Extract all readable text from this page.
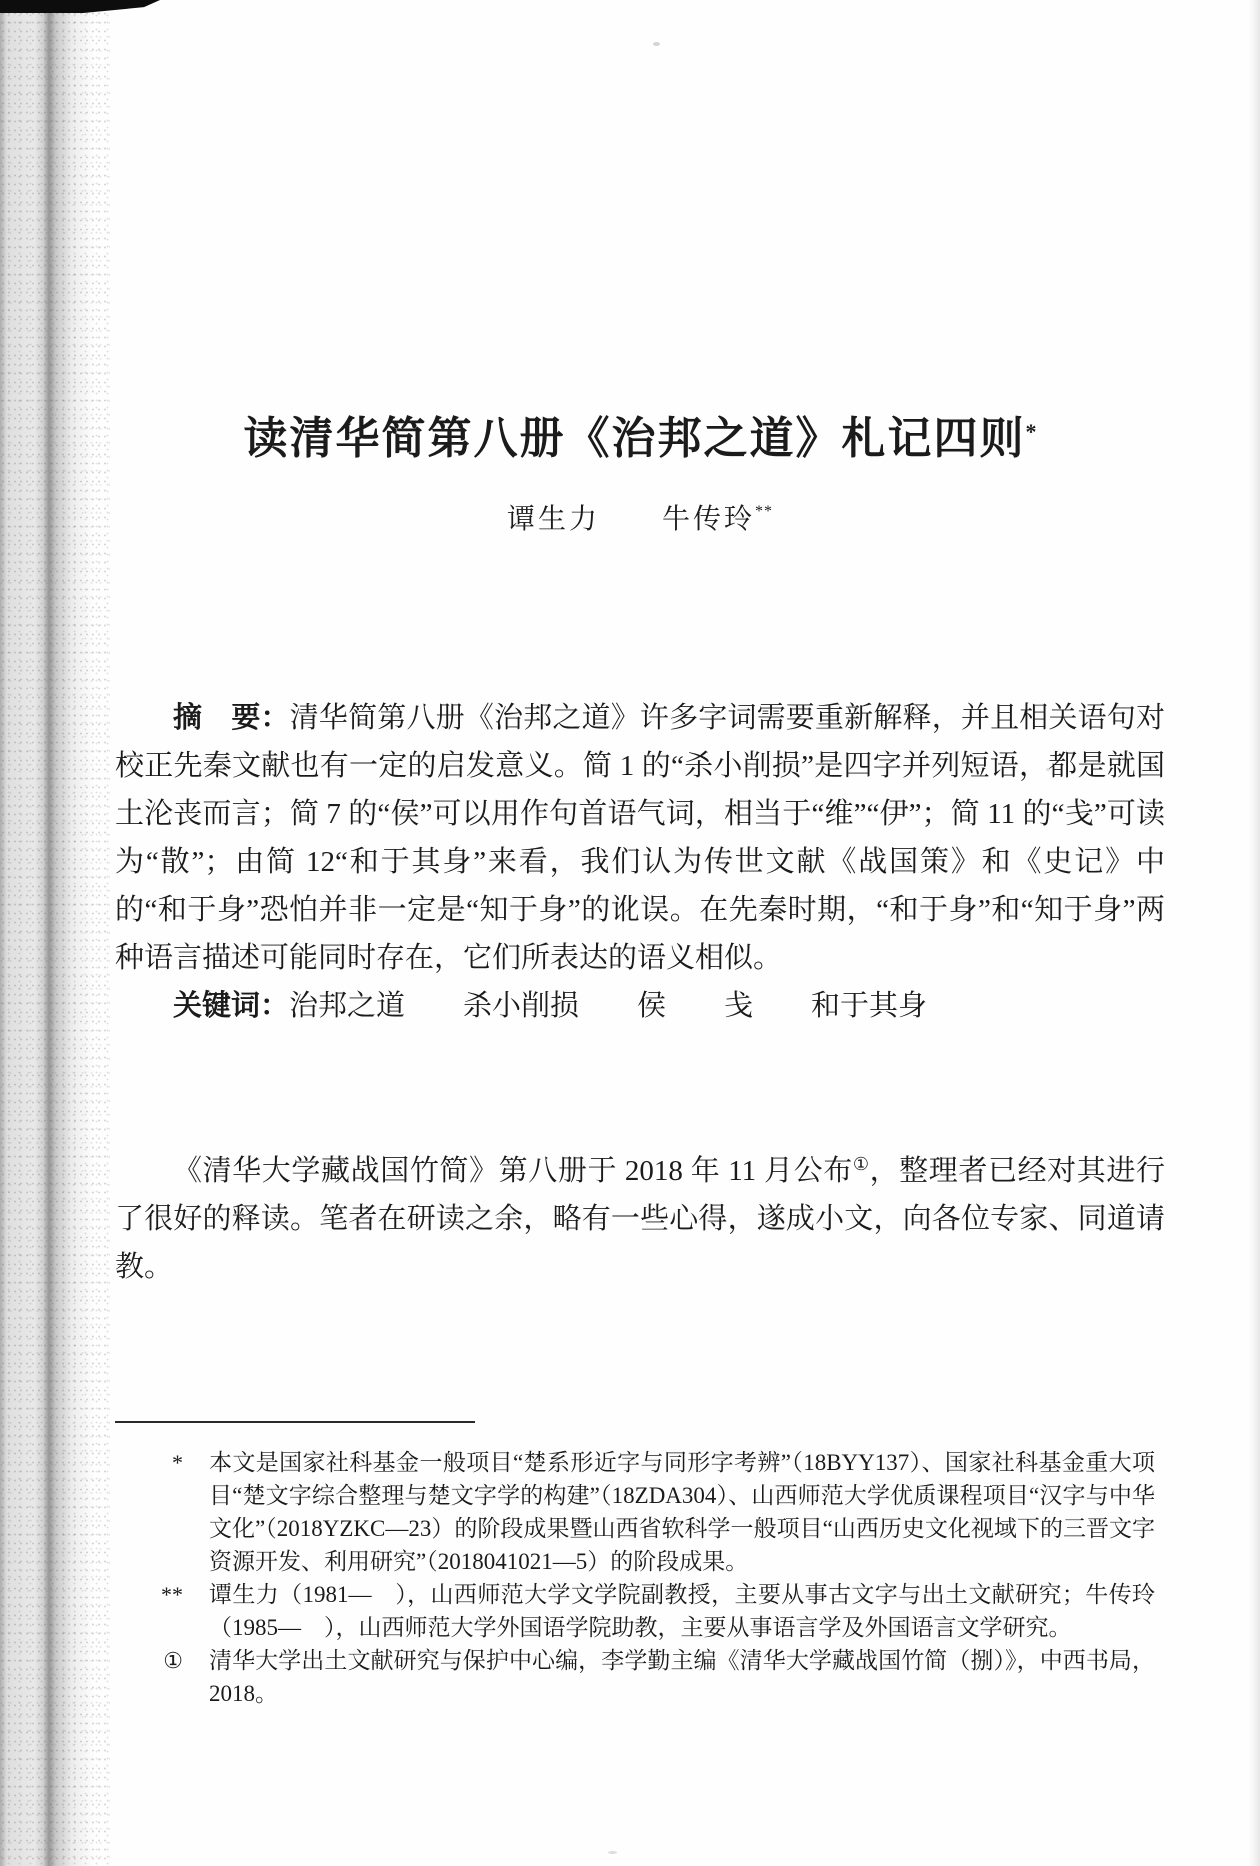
读清华简第八册《治邦之道》札记四则*
谭生力　　牛传玲**

摘　要：清华简第八册《治邦之道》许多字词需要重新解释，并且相关语句对校正先秦文献也有一定的启发意义。简 1 的“杀小削损”是四字并列短语，都是就国土沦丧而言；简 7 的“侯”可以用作句首语气词，相当于“维”“伊”；简 11 的“戋”可读为“散”；由简 12“和于其身”来看，我们认为传世文献《战国策》和《史记》中的“和于身”恐怕并非一定是“知于身”的讹误。在先秦时期，“和于身”和“知于身”两种语言描述可能同时存在，它们所表达的语义相似。

关键词：治邦之道　　杀小削损　　侯　　戋　　和于其身

《清华大学藏战国竹简》第八册于 2018 年 11 月公布①，整理者已经对其进行了很好的释读。笔者在研读之余，略有一些心得，遂成小文，向各位专家、同道请教。

*	本文是国家社科基金一般项目“楚系形近字与同形字考辨”（18BYY137）、国家社科基金重大项目“楚文字综合整理与楚文字学的构建”（18ZDA304）、山西师范大学优质课程项目“汉字与中华文化”（2018YZKC—23）的阶段成果暨山西省软科学一般项目“山西历史文化视域下的三晋文字资源开发、利用研究”（2018041021—5）的阶段成果。
**	谭生力（1981—　），山西师范大学文学院副教授，主要从事古文字与出土文献研究；牛传玲（1985—　），山西师范大学外国语学院助教，主要从事语言学及外国语言文学研究。
①	清华大学出土文献研究与保护中心编，李学勤主编《清华大学藏战国竹简（捌）》，中西书局，2018。
